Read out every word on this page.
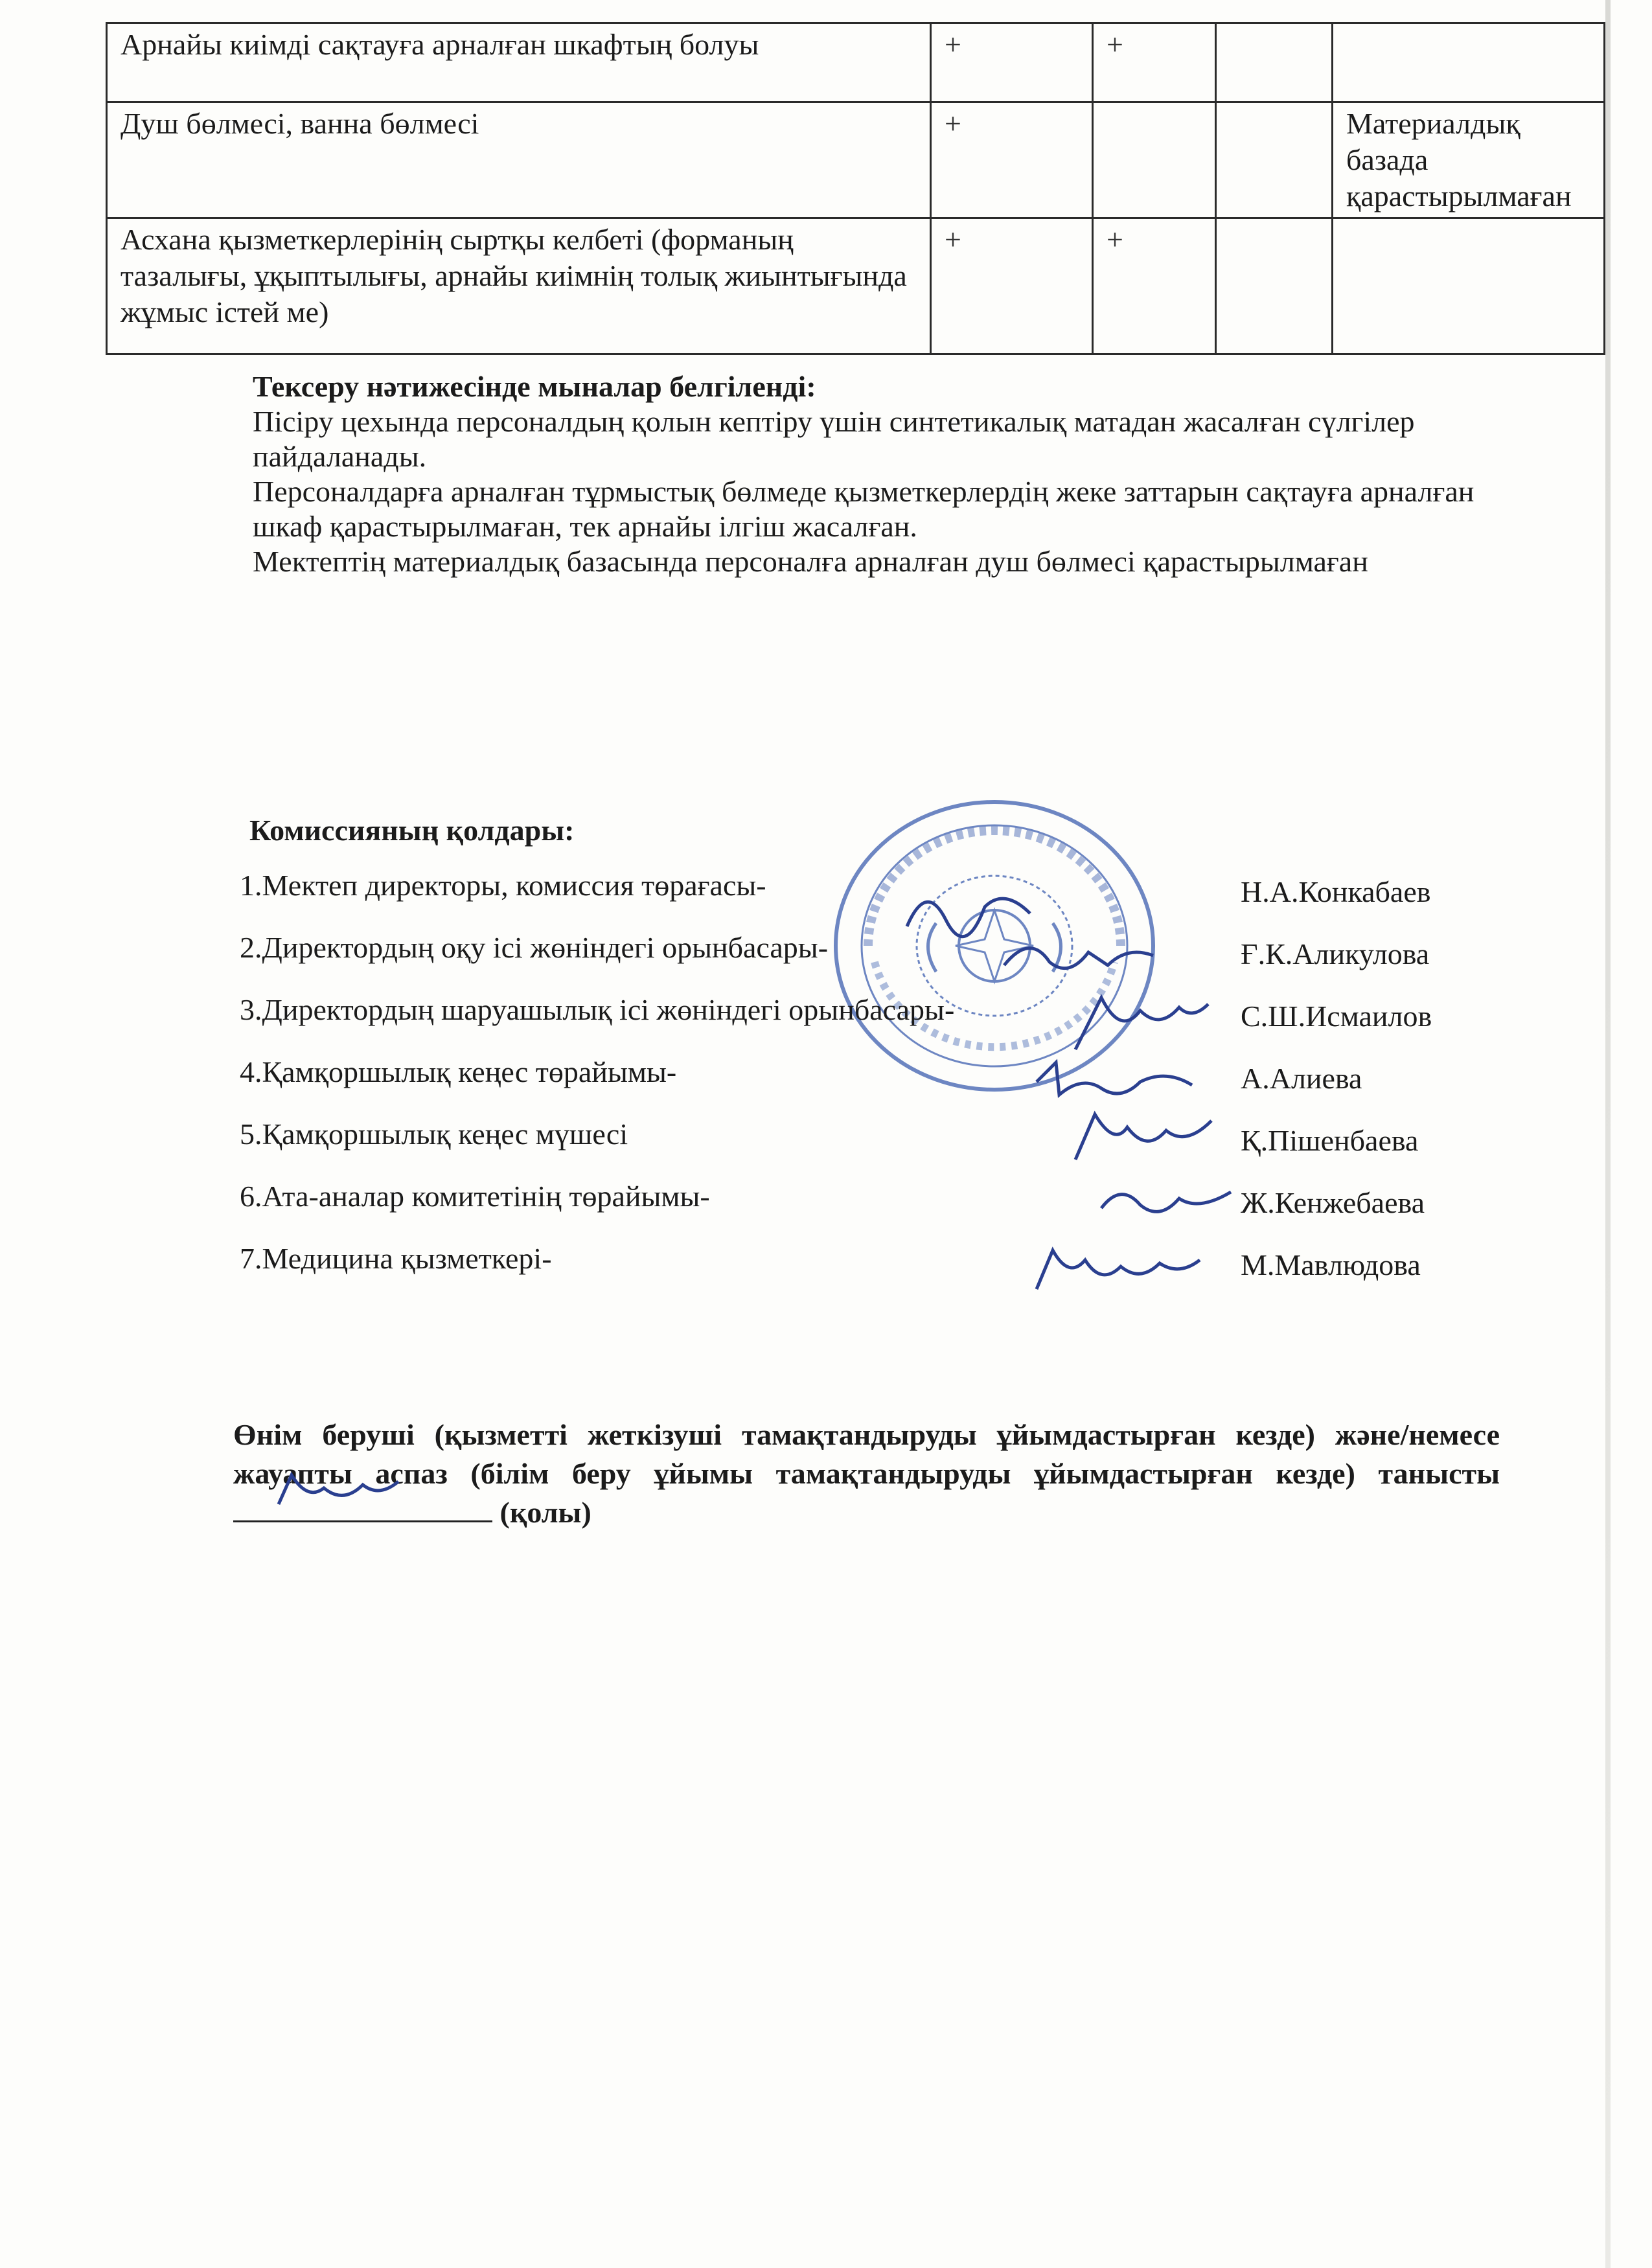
Арнайы киімді сақтауға арналған шкафтың болуы	+	+		
Душ бөлмесі, ванна бөлмесі	+			Материалдық базада қарастырылмаған
Асхана қызметкерлерінің сыртқы келбеті (форманың тазалығы, ұқыптылығы, арнайы киімнің толық жиынтығында жұмыс істей ме)	+	+		

Тексеру нәтижесінде мыналар белгіленді:

Пісіру цехында персоналдың қолын кептіру үшін синтетикалық матадан жасалған сүлгілер пайдаланады.

Персоналдарға арналған тұрмыстық бөлмеде қызметкерлердің жеке заттарын сақтауға арналған шкаф қарастырылмаған, тек арнайы ілгіш жасалған.

Мектептің материалдық базасында персоналға арналған душ бөлмесі қарастырылмаған

Комиссияның қолдары:
1.Мектеп директоры, комиссия төрағасы-	Н.А.Конкабаев
2.Директордың оқу ісі жөніндегі орынбасары-	Ғ.К.Аликулова
3.Директордың шаруашылық ісі жөніндегі орынбасары-	С.Ш.Исмаилов
4.Қамқоршылық кеңес төрайымы-	А.Алиева
5.Қамқоршылық кеңес мүшесі	Қ.Пішенбаева
6.Ата-аналар комитетінің төрайымы-	Ж.Кенжебаева
7.Медицина қызметкері-	М.Мавлюдова
Өнім беруші (қызметті жеткізуші тамақтандыруды ұйымдастырған кезде) және/немесе жауапты аспаз (білім беру ұйымы тамақтандыруды ұйымдастырған кезде) танысты
(қолы)
